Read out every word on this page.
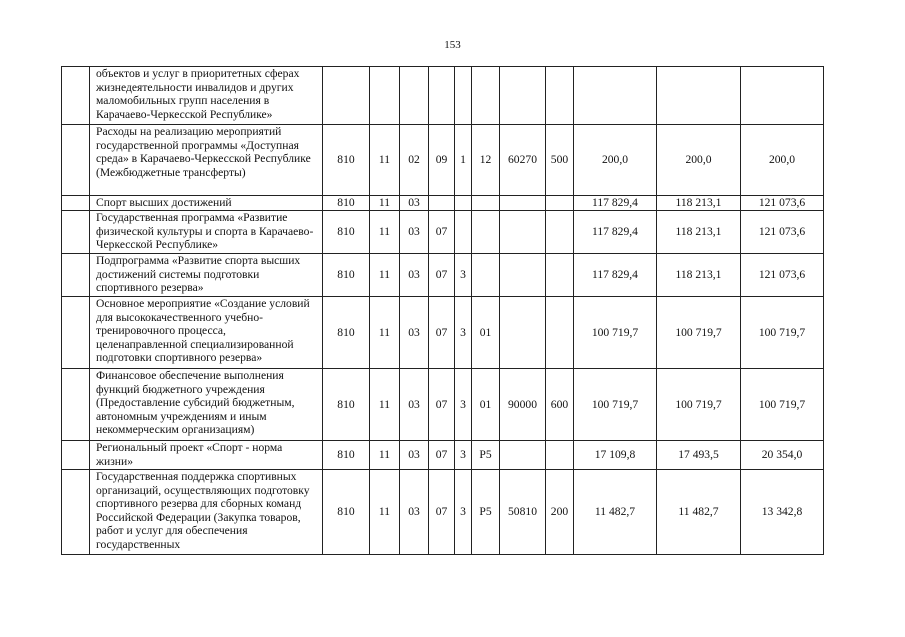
153
	объектов и услуг в приоритетных сферах жизнедеятельности инвалидов и других маломобильных групп населения в Карачаево-Черкесской Республике»											
	Расходы на реализацию мероприятий государственной программы «Доступная среда» в Карачаево-Черкесской Республике (Межбюджетные трансферты)	810	11	02	09	1	12	60270	500	200,0	200,0	200,0
	Спорт высших достижений	810	11	03						117 829,4	118 213,1	121 073,6
	Государственная программа «Развитие физической культуры и спорта в Карачаево-Черкесской Республике»	810	11	03	07					117 829,4	118 213,1	121 073,6
	Подпрограмма «Развитие спорта высших достижений системы подготовки спортивного резерва»	810	11	03	07	3				117 829,4	118 213,1	121 073,6
	Основное мероприятие «Создание условий для высококачественного учебно-тренировочного процесса, целенаправленной специализированной подготовки спортивного резерва»	810	11	03	07	3	01			100 719,7	100 719,7	100 719,7
	Финансовое обеспечение выполнения функций бюджетного учреждения (Предоставление субсидий бюджетным, автономным учреждениям и иным некоммерческим организациям)	810	11	03	07	3	01	90000	600	100 719,7	100 719,7	100 719,7
	Региональный проект «Спорт - норма жизни»	810	11	03	07	3	P5			17 109,8	17 493,5	20 354,0
	Государственная поддержка спортивных организаций, осуществляющих подготовку спортивного резерва для сборных команд Российской Федерации (Закупка товаров, работ и услуг для обеспечения государственных	810	11	03	07	3	P5	50810	200	11 482,7	11 482,7	13 342,8
